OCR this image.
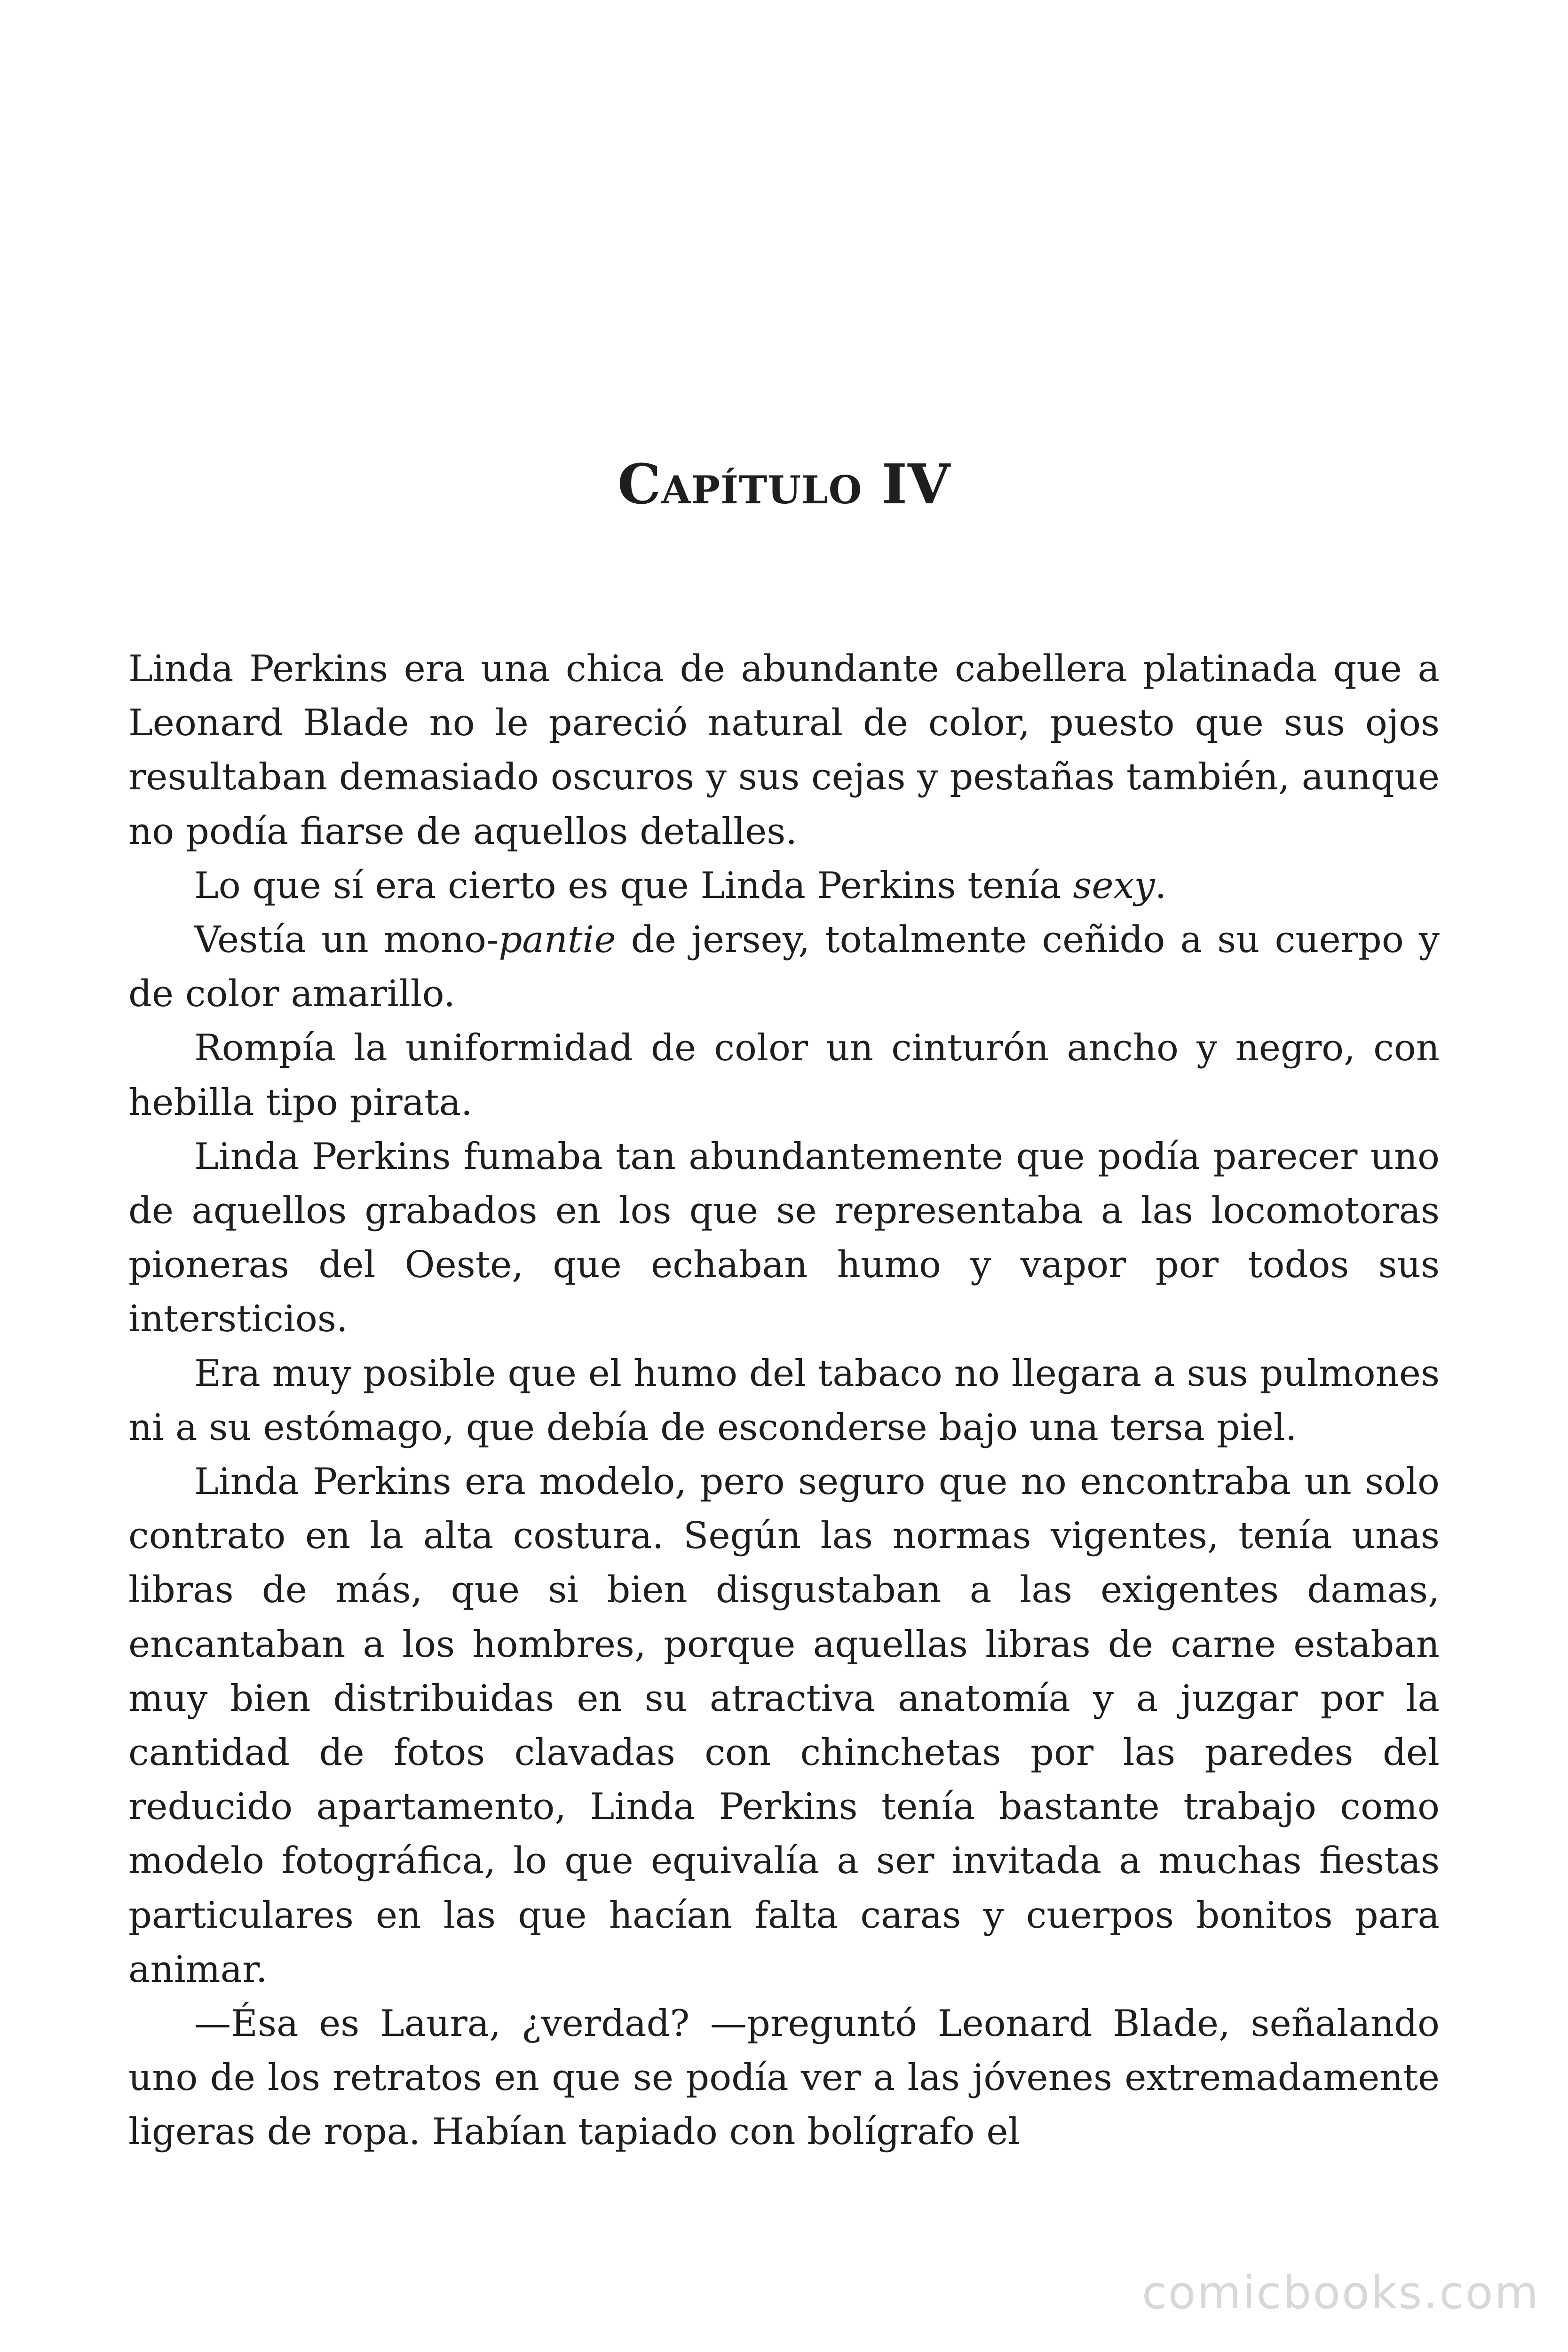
Capítulo IV

Linda Perkins era una chica de abundante cabellera platinada que a Leonard Blade no le pareció natural de color, puesto que sus ojos resultaban demasiado oscuros y sus cejas y pestañas también, aunque no podía fiarse de aquellos detalles.

Lo que sí era cierto es que Linda Perkins tenía sexy.

Vestía un mono-pantie de jersey, totalmente ceñido a su cuerpo y de color amarillo.

Rompía la uniformidad de color un cinturón ancho y negro, con hebilla tipo pirata.

Linda Perkins fumaba tan abundantemente que podía parecer uno de aquellos grabados en los que se representaba a las locomotoras pioneras del Oeste, que echaban humo y vapor por todos sus intersticios.

Era muy posible que el humo del tabaco no llegara a sus pulmones ni a su estómago, que debía de esconderse bajo una tersa piel.

Linda Perkins era modelo, pero seguro que no encontraba un solo contrato en la alta costura. Según las normas vigentes, tenía unas libras de más, que si bien disgustaban a las exigentes damas, encantaban a los hombres, porque aquellas libras de carne estaban muy bien distribuidas en su atractiva anatomía y a juzgar por la cantidad de fotos clavadas con chinchetas por las paredes del reducido apartamento, Linda Perkins tenía bastante trabajo como modelo fotográfica, lo que equivalía a ser invitada a muchas fiestas particulares en las que hacían falta caras y cuerpos bonitos para animar.

—Ésa es Laura, ¿verdad? —preguntó Leonard Blade, señalando uno de los retratos en que se podía ver a las jóvenes extremadamente ligeras de ropa. Habían tapiado con bolígrafo el

comicbooks.com
